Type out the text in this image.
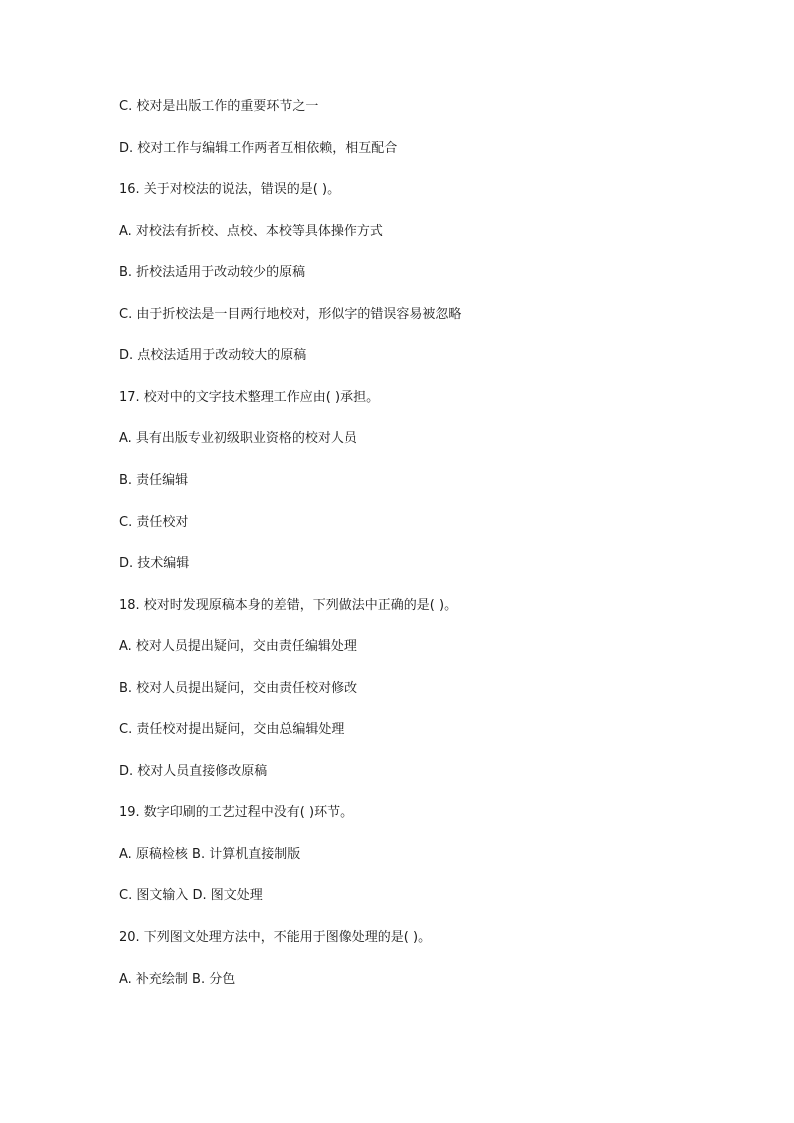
C. 校对是出版工作的重要环节之一

D. 校对工作与编辑工作两者互相依赖，相互配合

16. 关于对校法的说法，错误的是( )。

A. 对校法有折校、点校、本校等具体操作方式

B. 折校法适用于改动较少的原稿

C. 由于折校法是一目两行地校对，形似字的错误容易被忽略

D. 点校法适用于改动较大的原稿

17. 校对中的文字技术整理工作应由( )承担。

A. 具有出版专业初级职业资格的校对人员

B. 责任编辑

C. 责任校对

D. 技术编辑

18. 校对时发现原稿本身的差错，下列做法中正确的是( )。

A. 校对人员提出疑问，交由责任编辑处理

B. 校对人员提出疑问，交由责任校对修改

C. 责任校对提出疑问，交由总编辑处理

D. 校对人员直接修改原稿

19. 数字印刷的工艺过程中没有( )环节。

A. 原稿检核 B. 计算机直接制版

C. 图文输入 D. 图文处理

20. 下列图文处理方法中，不能用于图像处理的是( )。

A. 补充绘制 B. 分色
